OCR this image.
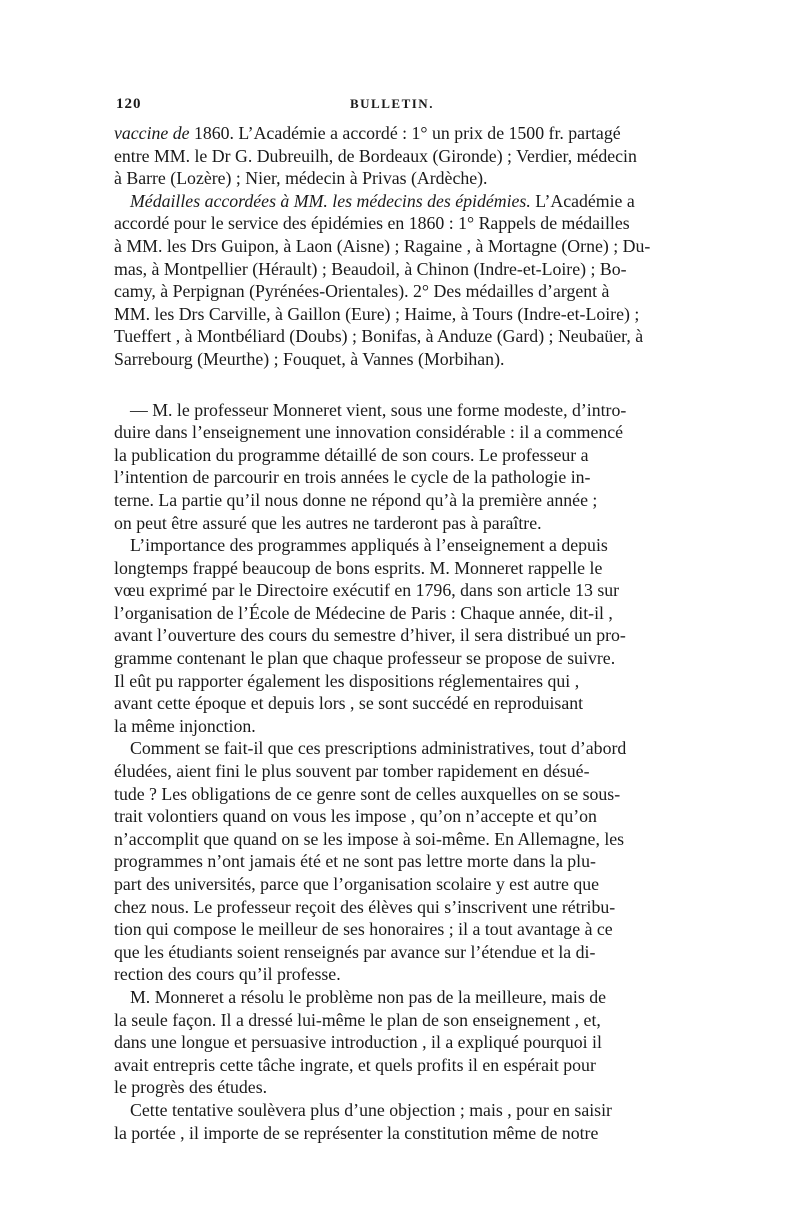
120	BULLETIN.
vaccine de 1860. L’Académie a accordé : 1° un prix de 1500 fr. partagé
entre MM. le Dr G. Dubreuilh, de Bordeaux (Gironde) ; Verdier, médecin
à Barre (Lozère) ; Nier, médecin à Privas (Ardèche).
Médailles accordées à MM. les médecins des épidémies. L’Académie a
accordé pour le service des épidémies en 1860 : 1° Rappels de médailles
à MM. les Drs Guipon, à Laon (Aisne) ; Ragaine , à Mortagne (Orne) ; Du-
mas, à Montpellier (Hérault) ; Beaudoil, à Chinon (Indre-et-Loire) ; Bo-
camy, à Perpignan (Pyrénées-Orientales). 2° Des médailles d’argent à
MM. les Drs Carville, à Gaillon (Eure) ; Haime, à Tours (Indre-et-Loire) ;
Tueffert , à Montbéliard (Doubs) ; Bonifas, à Anduze (Gard) ; Neubaüer, à
Sarrebourg (Meurthe) ; Fouquet, à Vannes (Morbihan).
— M. le professeur Monneret vient, sous une forme modeste, d’intro-
duire dans l’enseignement une innovation considérable : il a commencé
la publication du programme détaillé de son cours. Le professeur a
l’intention de parcourir en trois années le cycle de la pathologie in-
terne. La partie qu’il nous donne ne répond qu’à la première année ;
on peut être assuré que les autres ne tarderont pas à paraître.
L’importance des programmes appliqués à l’enseignement a depuis
longtemps frappé beaucoup de bons esprits. M. Monneret rappelle le
vœu exprimé par le Directoire exécutif en 1796, dans son article 13 sur
l’organisation de l’École de Médecine de Paris : Chaque année, dit-il ,
avant l’ouverture des cours du semestre d’hiver, il sera distribué un pro-
gramme contenant le plan que chaque professeur se propose de suivre.
Il eût pu rapporter également les dispositions réglementaires qui ,
avant cette époque et depuis lors , se sont succédé en reproduisant
la même injonction.
Comment se fait-il que ces prescriptions administratives, tout d’abord
éludées, aient fini le plus souvent par tomber rapidement en désué-
tude ? Les obligations de ce genre sont de celles auxquelles on se sous-
trait volontiers quand on vous les impose , qu’on n’accepte et qu’on
n’accomplit que quand on se les impose à soi-même. En Allemagne, les
programmes n’ont jamais été et ne sont pas lettre morte dans la plu-
part des universités, parce que l’organisation scolaire y est autre que
chez nous. Le professeur reçoit des élèves qui s’inscrivent une rétribu-
tion qui compose le meilleur de ses honoraires ; il a tout avantage à ce
que les étudiants soient renseignés par avance sur l’étendue et la di-
rection des cours qu’il professe.
M. Monneret a résolu le problème non pas de la meilleure, mais de
la seule façon. Il a dressé lui-même le plan de son enseignement , et,
dans une longue et persuasive introduction , il a expliqué pourquoi il
avait entrepris cette tâche ingrate, et quels profits il en espérait pour
le progrès des études.
Cette tentative soulèvera plus d’une objection ; mais , pour en saisir
la portée , il importe de se représenter la constitution même de notre
